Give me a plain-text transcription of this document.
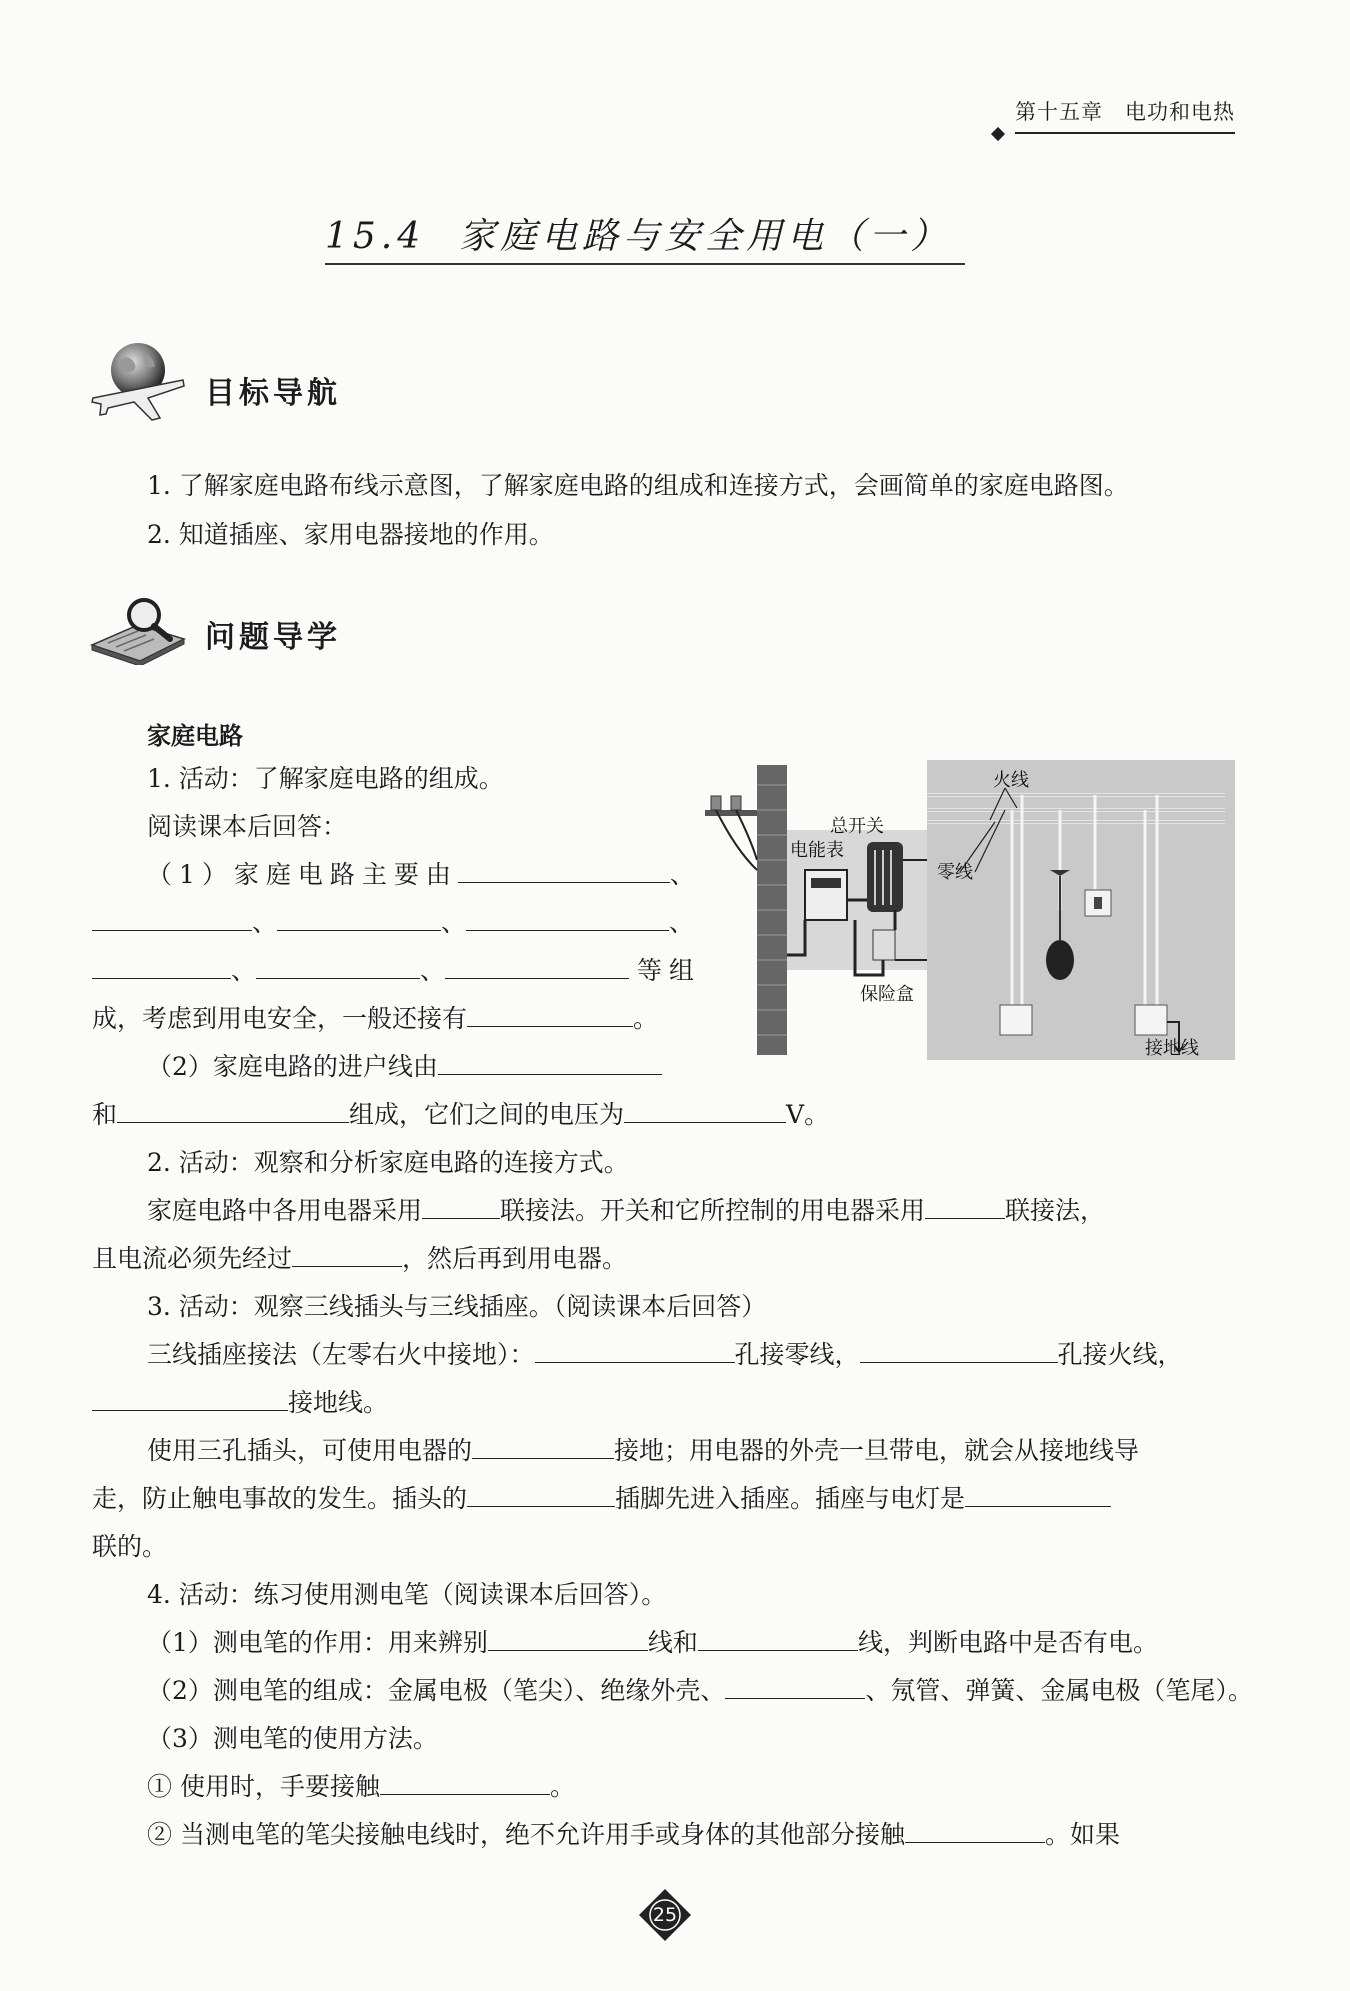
第十五章 电功和电热
15.4 家庭电路与安全用电（一）
目标导航
1. 了解家庭电路布线示意图，了解家庭电路的组成和连接方式，会画简单的家庭电路图。
2. 知道插座、家用电器接地的作用。
问题导学
家庭电路
1. 活动：了解家庭电路的组成。
阅读课本后回答：
（1）家庭电路主要由	、
、	、	、
、	、	等组
成，考虑到用电安全，一般还接有	。
（2）家庭电路的进户线由
和	组成，它们之间的电压为	V。
2. 活动：观察和分析家庭电路的连接方式。
家庭电路中各用电器采用	联接法。开关和它所控制的用电器采用	联接法，
且电流必须先经过	，然后再到用电器。
3. 活动：观察三线插头与三线插座。（阅读课本后回答）
三线插座接法（左零右火中接地）：	孔接零线，	孔接火线，
接地线。
使用三孔插头，可使用电器的	接地；用电器的外壳一旦带电，就会从接地线导
走，防止触电事故的发生。插头的	插脚先进入插座。插座与电灯是
联的。
4. 活动：练习使用测电笔（阅读课本后回答）。
（1）测电笔的作用：用来辨别	线和	线，判断电路中是否有电。
（2）测电笔的组成：金属电极（笔尖）、绝缘外壳、	、氖管、弹簧、金属电极（笔尾）。
（3）测电笔的使用方法。
① 使用时，手要接触	。
② 当测电笔的笔尖接触电线时，绝不允许用手或身体的其他部分接触	。如果
火线
总开关
电能表
零线
保险盒
接地线
25
